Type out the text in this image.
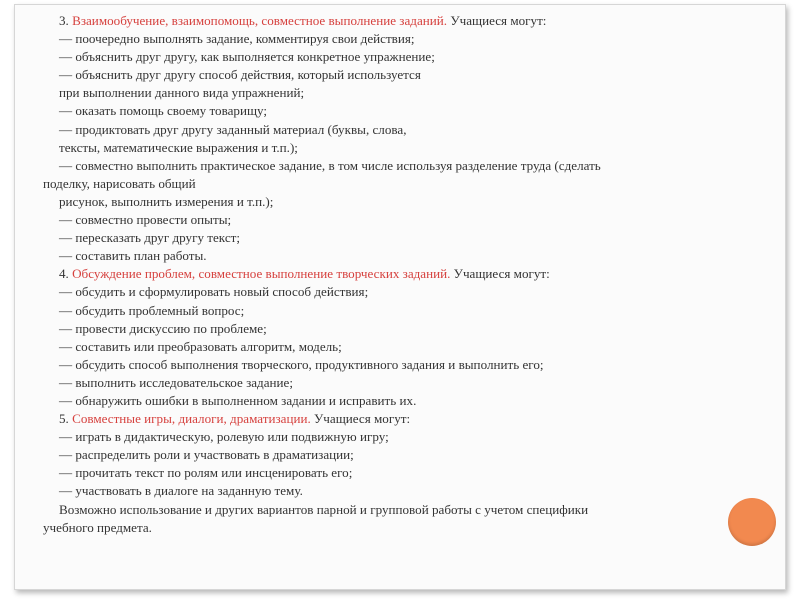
3. Взаимообучение, взаимопомощь, совместное выполнение заданий. Учащиеся могут:
— поочередно выполнять задание, комментируя свои действия;
— объяснить друг другу, как выполняется конкретное упражнение;
— объяснить друг другу способ действия, который используется
при выполнении данного вида упражнений;
— оказать помощь своему товарищу;
— продиктовать друг другу заданный материал (буквы, слова,
тексты, математические выражения и т.п.);
— совместно выполнить практическое задание, в том числе используя разделение труда (сделать
поделку, нарисовать общий
рисунок, выполнить измерения и т.п.);
— совместно провести опыты;
— пересказать друг другу текст;
— составить план работы.
4. Обсуждение проблем, совместное выполнение творческих заданий. Учащиеся могут:
— обсудить и сформулировать новый способ действия;
— обсудить проблемный вопрос;
— провести дискуссию по проблеме;
— составить или преобразовать алгоритм, модель;
— обсудить способ выполнения творческого, продуктивного задания и выполнить его;
— выполнить исследовательское задание;
— обнаружить ошибки в выполненном задании и исправить их.
5. Совместные игры, диалоги, драматизации. Учащиеся могут:
— играть в дидактическую, ролевую или подвижную игру;
— распределить роли и участвовать в драматизации;
— прочитать текст по ролям или инсценировать его;
— участвовать в диалоге на заданную тему.
Возможно использование и других вариантов парной и групповой работы с учетом специфики
учебного предмета.
